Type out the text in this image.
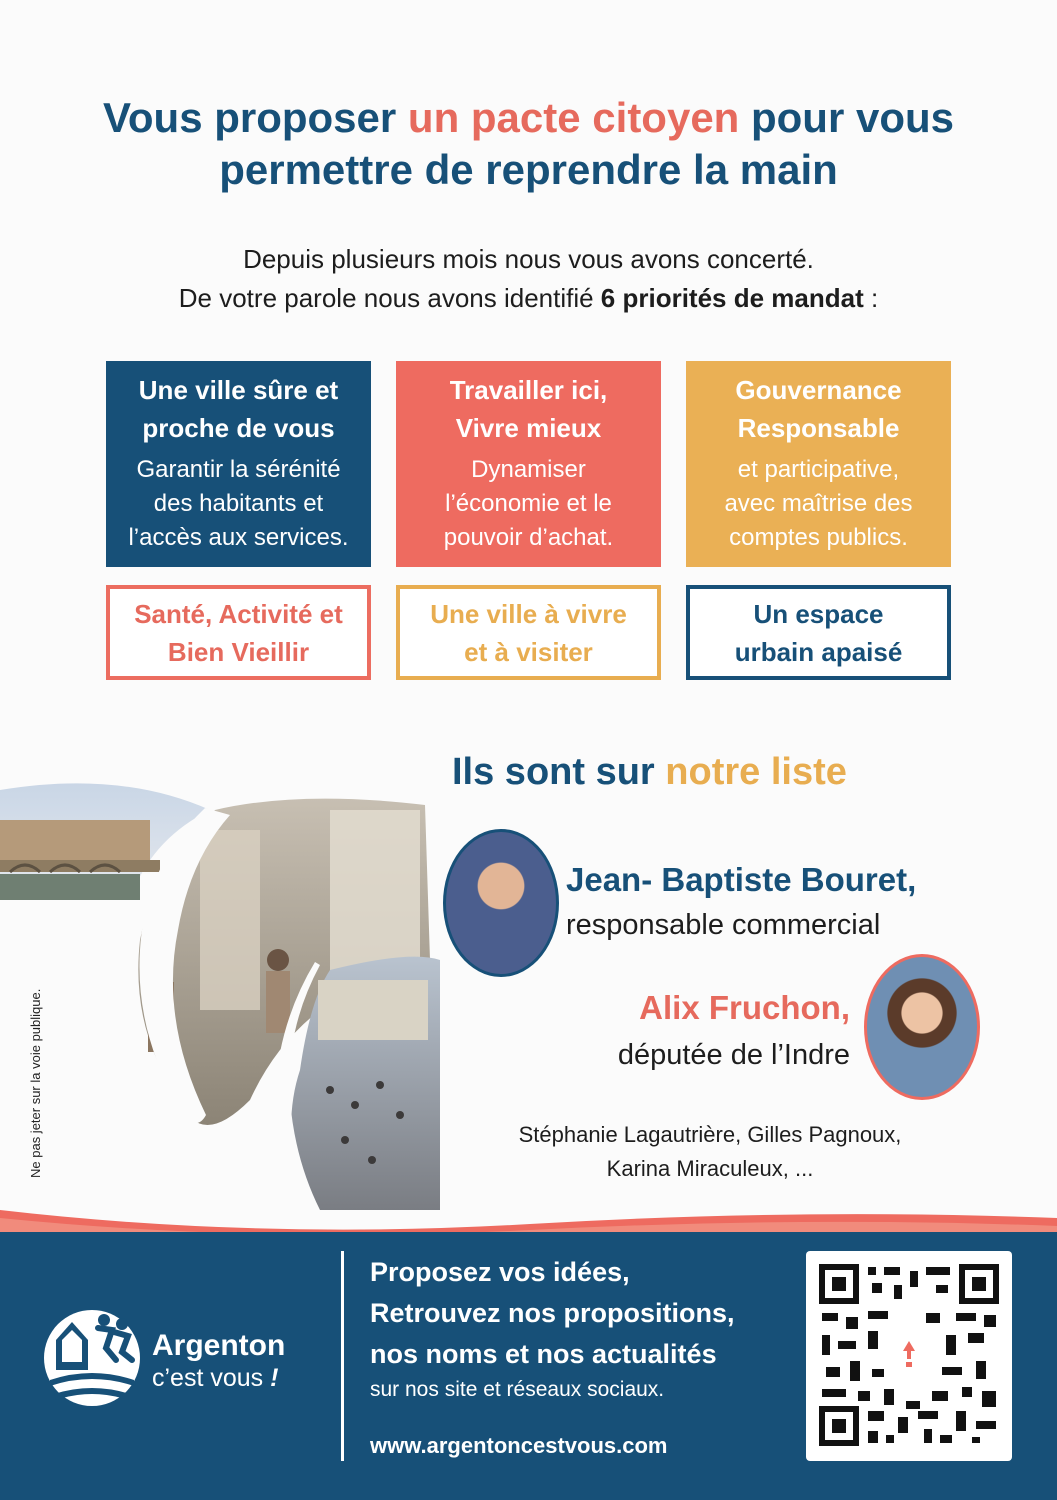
Vous proposer un pacte citoyen pour vous
permettre de reprendre la main
Depuis plusieurs mois nous vous avons concerté.
De votre parole nous avons identifié 6 priorités de mandat :
Une ville sûre et
proche de vous
Garantir la sérénité
des habitants et
l’accès aux services.
Travailler ici,
Vivre mieux
Dynamiser
l’économie et le
pouvoir d’achat.
Gouvernance
Responsable
et participative,
avec maîtrise des
comptes publics.
Santé, Activité et
Bien Vieillir
Une ville à vivre
et à visiter
Un espace
urbain apaisé
Ne pas jeter sur la voie publique.
Ils sont sur notre liste
Jean- Baptiste Bouret,
responsable commercial
Alix Fruchon,
députée de l’Indre
Stéphanie Lagautrière, Gilles Pagnoux,
Karina Miraculeux, ...
Argenton
c’est vous !
Proposez vos idées,
Retrouvez nos propositions,
nos noms et nos actualités
sur nos site et réseaux sociaux.
www.argentoncestvous.com
